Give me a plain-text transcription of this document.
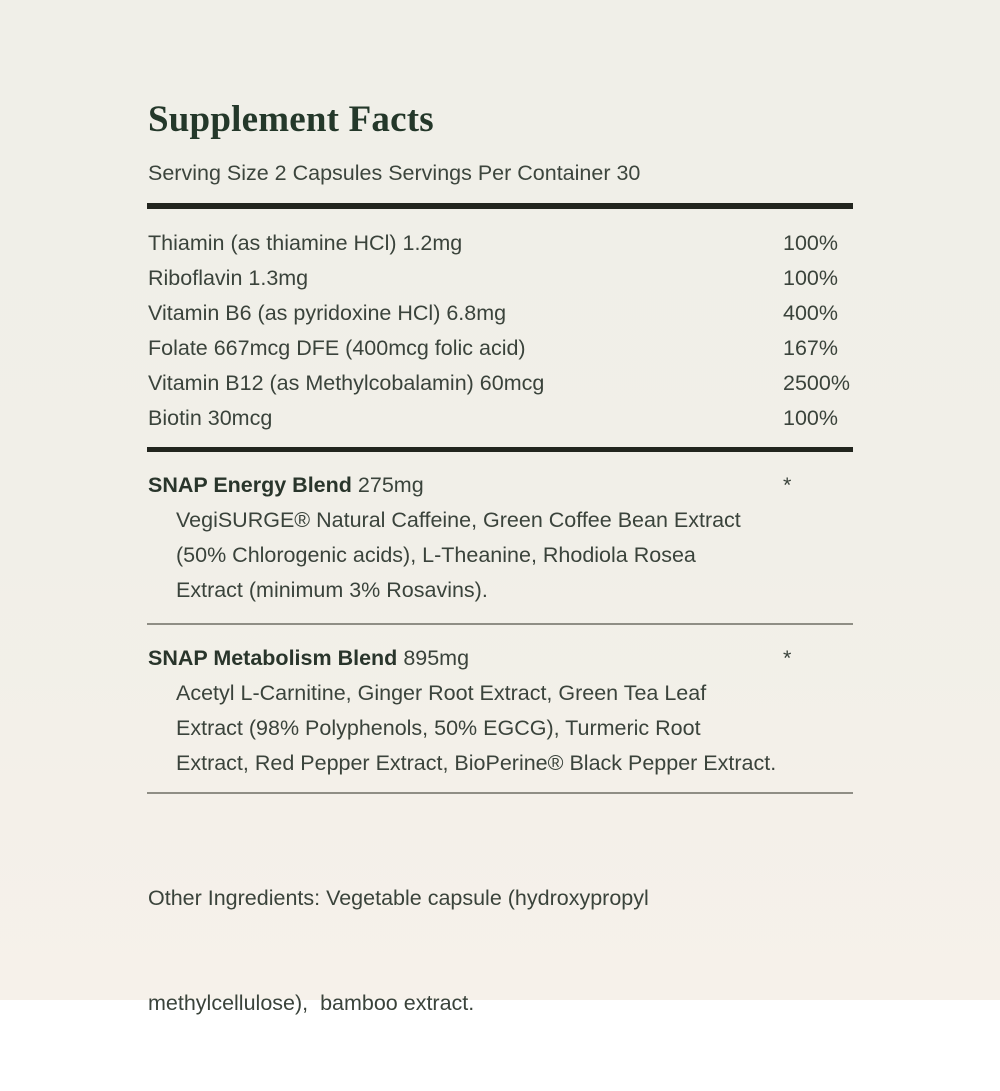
Supplement Facts
Serving Size 2 Capsules Servings Per Container 30
Thiamin (as thiamine HCl) 1.2mg	100%
Riboflavin 1.3mg	100%
Vitamin B6 (as pyridoxine HCl) 6.8mg	400%
Folate 667mcg DFE (400mcg folic acid)	167%
Vitamin B12 (as Methylcobalamin) 60mcg	2500%
Biotin 30mcg	100%
SNAP Energy Blend 275mg	*
VegiSURGE® Natural Caffeine, Green Coffee Bean Extract
(50% Chlorogenic acids), L-Theanine, Rhodiola Rosea
Extract (minimum 3% Rosavins).
SNAP Metabolism Blend 895mg	*
Acetyl L-Carnitine, Ginger Root Extract, Green Tea Leaf
Extract (98% Polyphenols, 50% EGCG), Turmeric Root
Extract, Red Pepper Extract, BioPerine® Black Pepper Extract.

Other Ingredients: Vegetable capsule (hydroxypropyl

methylcellulose),  bamboo extract.
